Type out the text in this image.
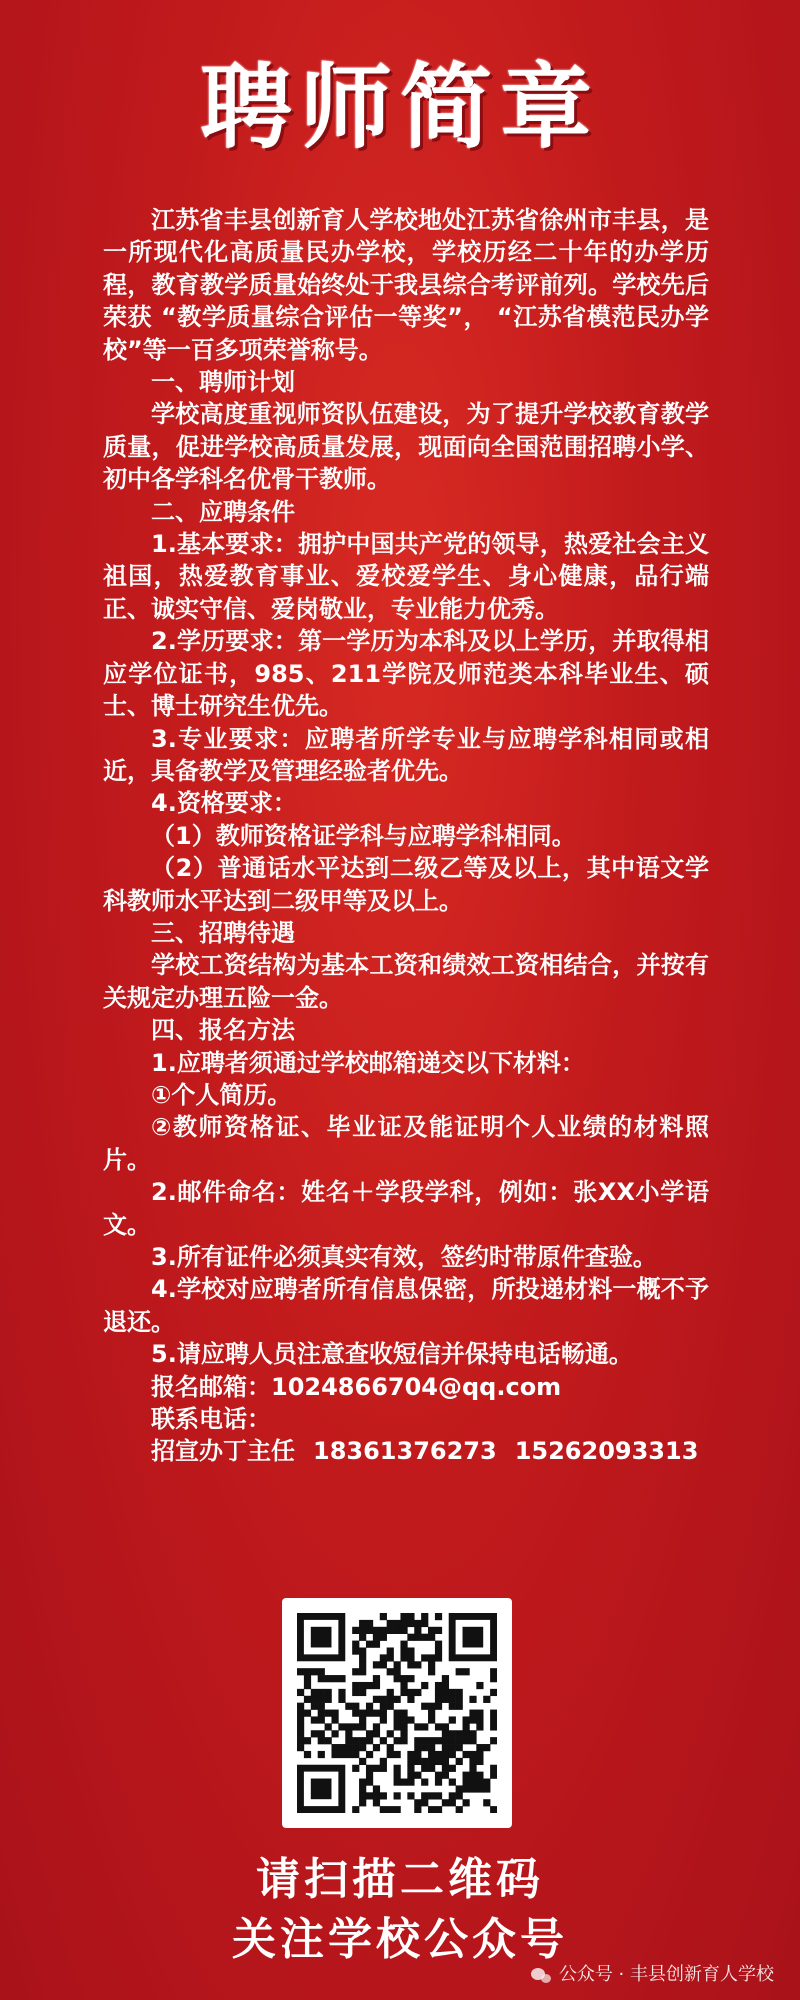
聘师简章

江苏省丰县创新育人学校地处江苏省徐州市丰县，是一所现代化高质量民办学校，学校历经二十年的办学历程，教育教学质量始终处于我县综合考评前列。学校先后荣获 “教学质量综合评估一等奖”， “江苏省模范民办学校”等一百多项荣誉称号。

一、聘师计划

学校高度重视师资队伍建设，为了提升学校教育教学质量，促进学校高质量发展，现面向全国范围招聘小学、初中各学科名优骨干教师。

二、应聘条件

1.基本要求：拥护中国共产党的领导，热爱社会主义祖国，热爱教育事业、爱校爱学生、身心健康，品行端正、诚实守信、爱岗敬业，专业能力优秀。

2.学历要求：第一学历为本科及以上学历，并取得相应学位证书，985、211学院及师范类本科毕业生、硕士、博士研究生优先。

3.专业要求：应聘者所学专业与应聘学科相同或相近，具备教学及管理经验者优先。

4.资格要求：

（1）教师资格证学科与应聘学科相同。

（2）普通话水平达到二级乙等及以上，其中语文学科教师水平达到二级甲等及以上。

三、招聘待遇

学校工资结构为基本工资和绩效工资相结合，并按有关规定办理五险一金。

四、报名方法

1.应聘者须通过学校邮箱递交以下材料：

①个人简历。

②教师资格证、毕业证及能证明个人业绩的材料照片。

2.邮件命名：姓名＋学段学科，例如：张XX小学语文。

3.所有证件必须真实有效，签约时带原件查验。

4.学校对应聘者所有信息保密，所投递材料一概不予退还。

5.请应聘人员注意查收短信并保持电话畅通。

报名邮箱：1024866704@qq.com

联系电话：

招宣办丁主任 18361376273 15262093313

请扫描二维码
关注学校公众号
公众号 · 丰县创新育人学校
